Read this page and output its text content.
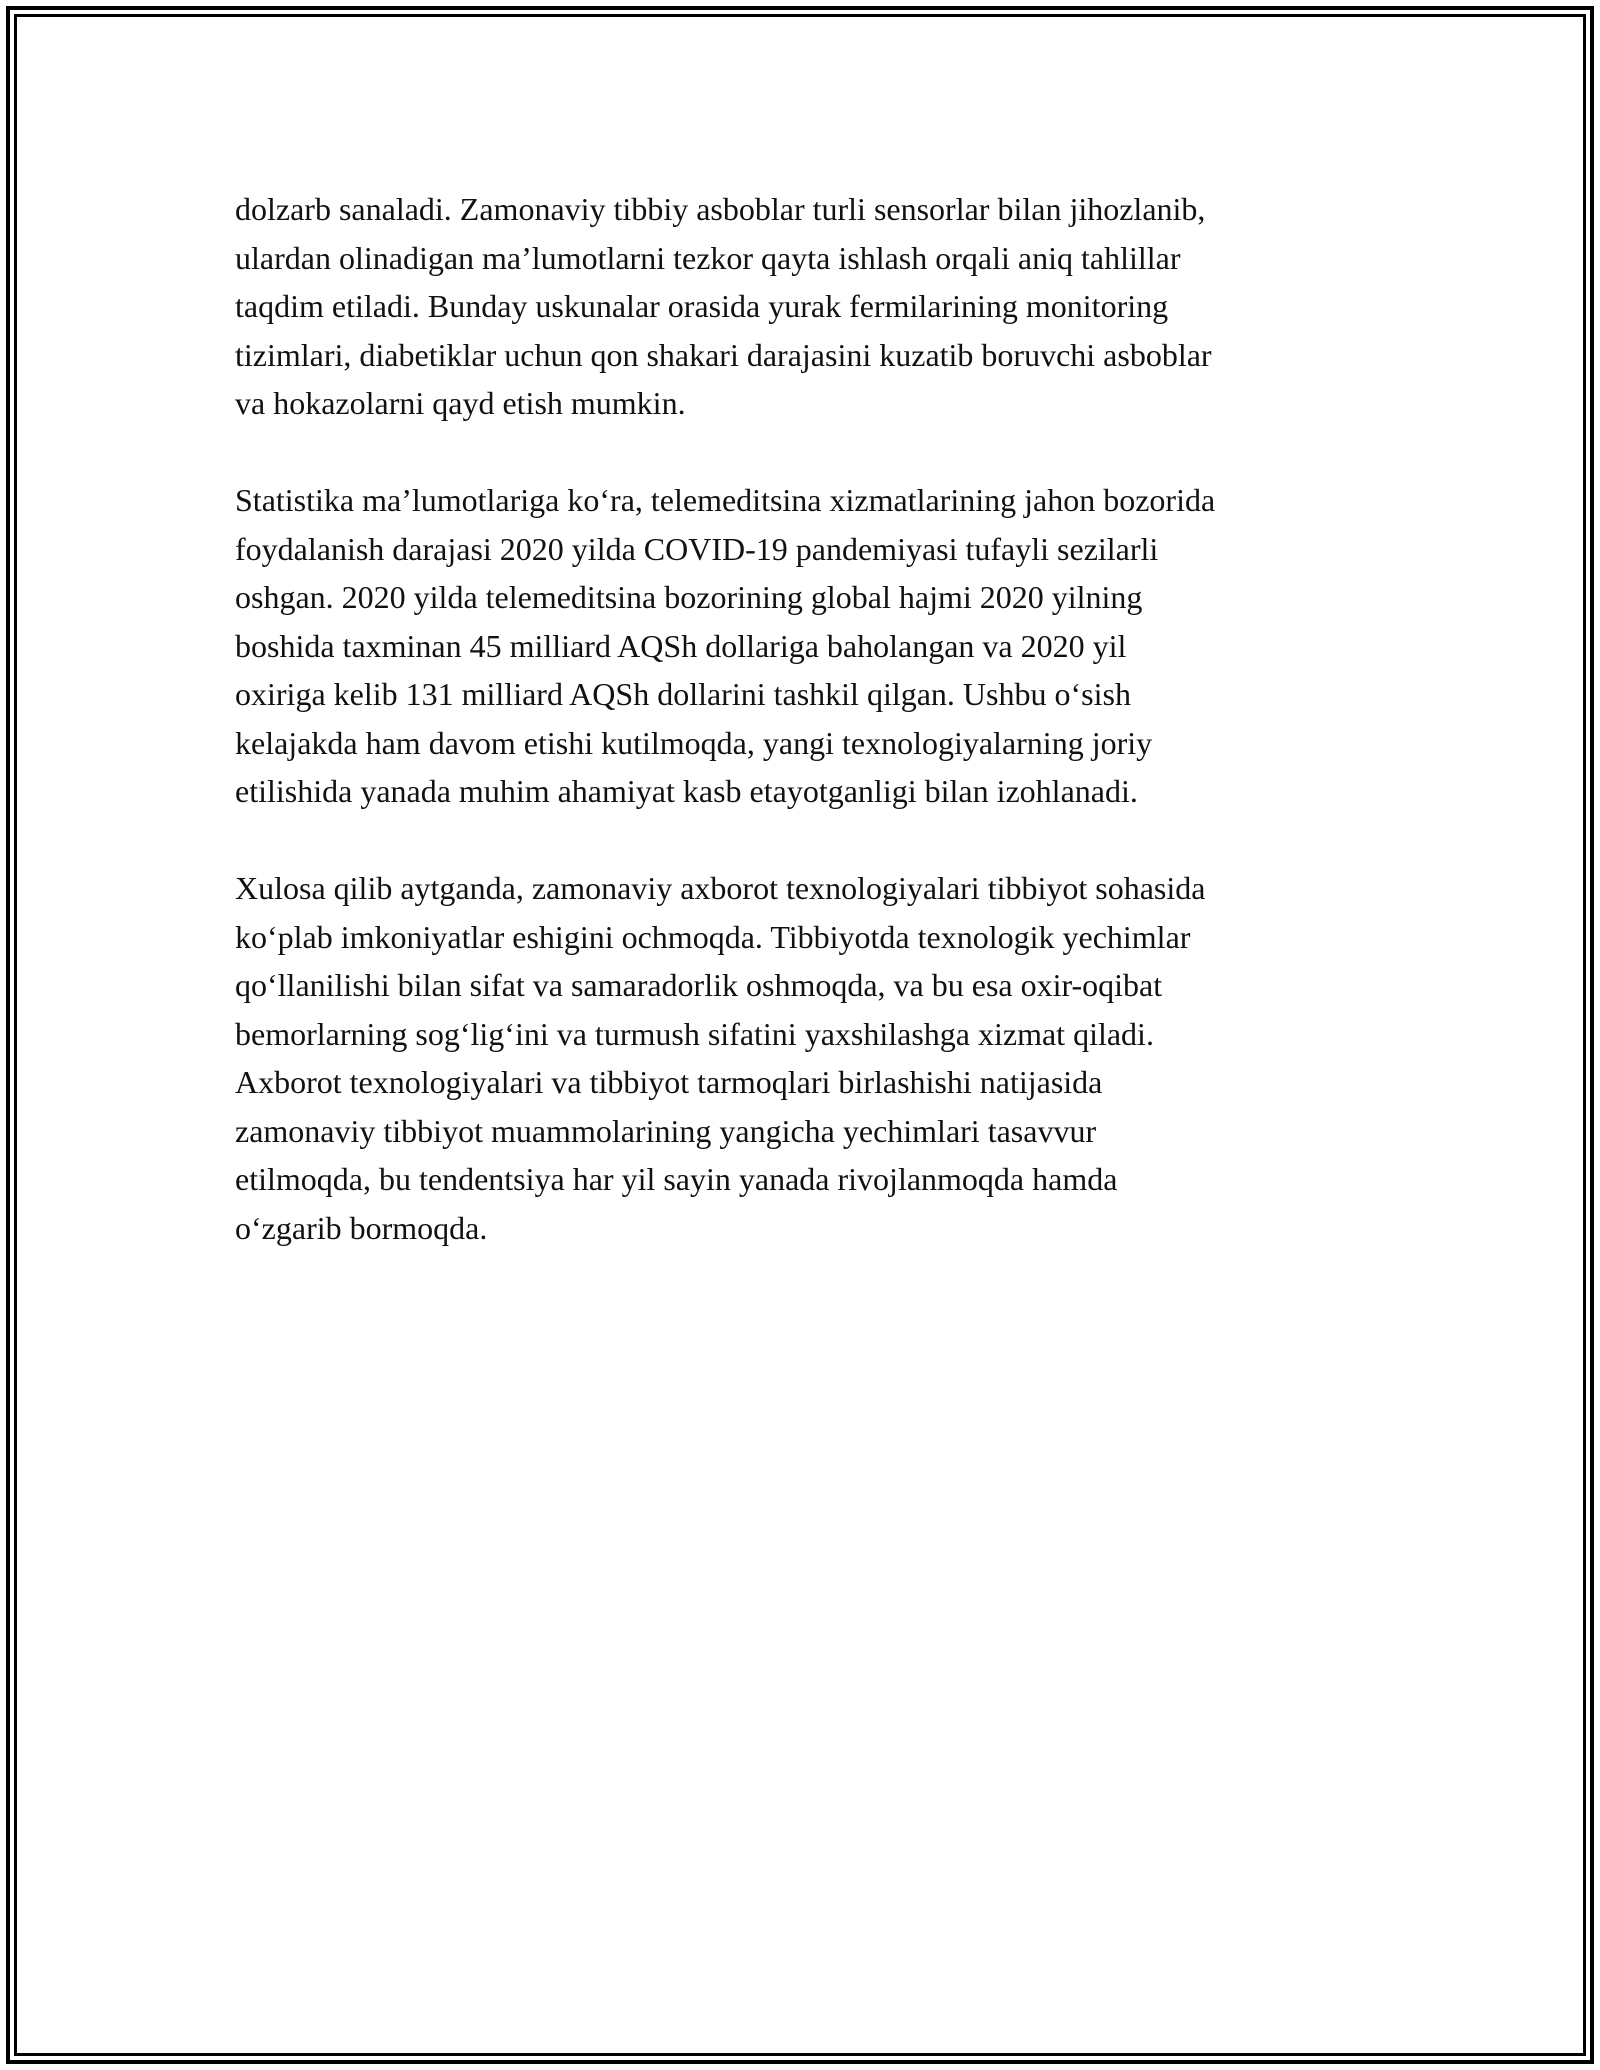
dolzarb sanaladi. Zamonaviy tibbiy asboblar turli sensorlar bilan jihozlanib,
ulardan olinadigan ma’lumotlarni tezkor qayta ishlash orqali aniq tahlillar
taqdim etiladi. Bunday uskunalar orasida yurak fermilarining monitoring
tizimlari, diabetiklar uchun qon shakari darajasini kuzatib boruvchi asboblar
va hokazolarni qayd etish mumkin.

Statistika ma’lumotlariga koʻra, telemeditsina xizmatlarining jahon bozorida
foydalanish darajasi 2020 yilda COVID-19 pandemiyasi tufayli sezilarli
oshgan. 2020 yilda telemeditsina bozorining global hajmi 2020 yilning
boshida taxminan 45 milliard AQSh dollariga baholangan va 2020 yil
oxiriga kelib 131 milliard AQSh dollarini tashkil qilgan. Ushbu oʻsish
kelajakda ham davom etishi kutilmoqda, yangi texnologiyalarning joriy
etilishida yanada muhim ahamiyat kasb etayotganligi bilan izohlanadi.

Xulosa qilib aytganda, zamonaviy axborot texnologiyalari tibbiyot sohasida
koʻplab imkoniyatlar eshigini ochmoqda. Tibbiyotda texnologik yechimlar
qoʻllanilishi bilan sifat va samaradorlik oshmoqda, va bu esa oxir-oqibat
bemorlarning sogʻligʻini va turmush sifatini yaxshilashga xizmat qiladi.
Axborot texnologiyalari va tibbiyot tarmoqlari birlashishi natijasida
zamonaviy tibbiyot muammolarining yangicha yechimlari tasavvur
etilmoqda, bu tendentsiya har yil sayin yanada rivojlanmoqda hamda
oʻzgarib bormoqda.
